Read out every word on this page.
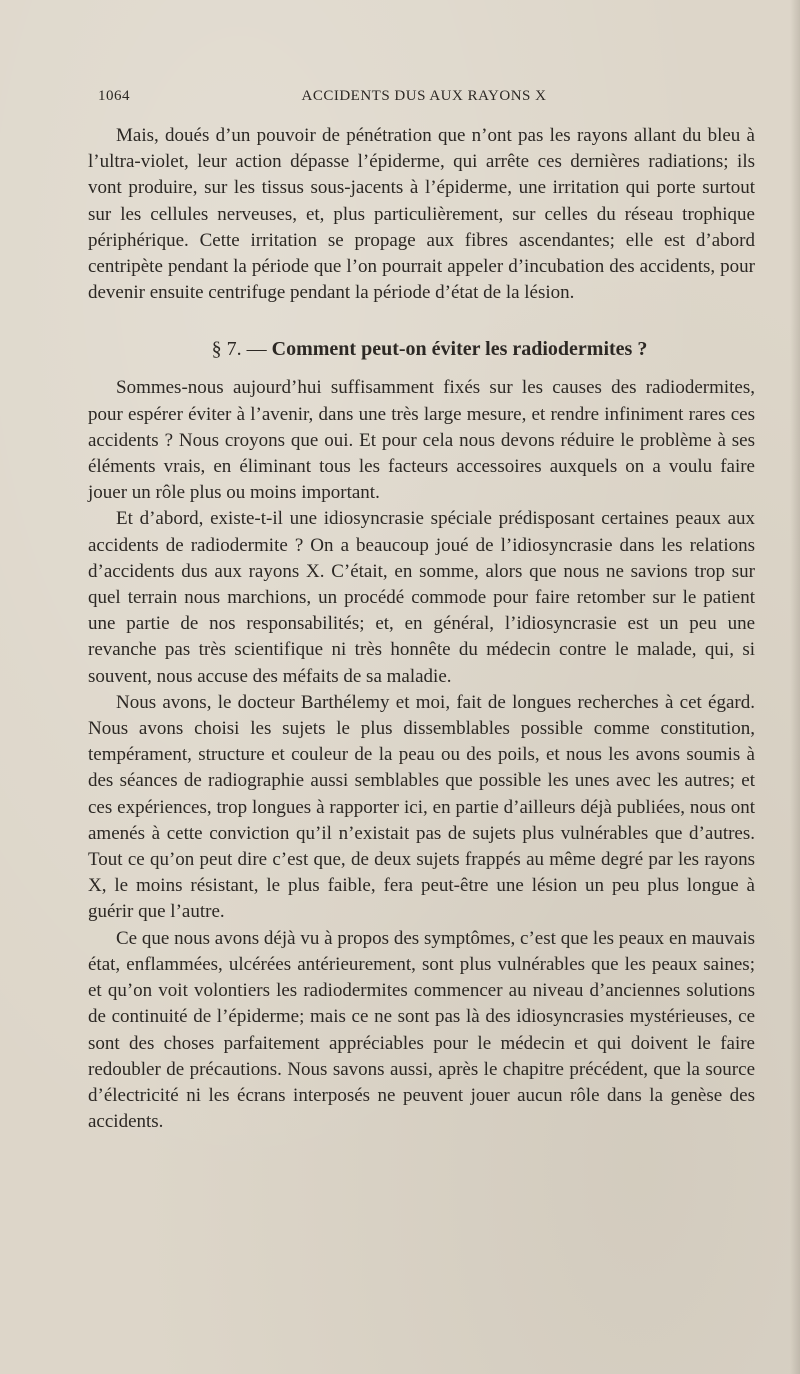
1064	ACCIDENTS DUS AUX RAYONS X

Mais, doués d’un pouvoir de pénétration que n’ont pas les rayons allant du bleu à l’ultra-violet, leur action dépasse l’épiderme, qui arrête ces dernières radiations; ils vont produire, sur les tissus sous-jacents à l’épiderme, une irritation qui porte surtout sur les cellules nerveuses, et, plus particulièrement, sur celles du réseau trophique périphérique. Cette irritation se propage aux fibres ascendantes; elle est d’abord centripète pendant la période que l’on pourrait appeler d’incubation des accidents, pour devenir ensuite centrifuge pendant la période d’état de la lésion.

§ 7. — Comment peut-on éviter les radiodermites ?

Sommes-nous aujourd’hui suffisamment fixés sur les causes des radiodermites, pour espérer éviter à l’avenir, dans une très large mesure, et rendre infiniment rares ces accidents ? Nous croyons que oui. Et pour cela nous devons réduire le problème à ses éléments vrais, en éliminant tous les facteurs accessoires auxquels on a voulu faire jouer un rôle plus ou moins important.

Et d’abord, existe-t-il une idiosyncrasie spéciale prédisposant certaines peaux aux accidents de radiodermite ? On a beaucoup joué de l’idiosyncrasie dans les relations d’accidents dus aux rayons X. C’était, en somme, alors que nous ne savions trop sur quel terrain nous marchions, un procédé commode pour faire retomber sur le patient une partie de nos responsabilités; et, en général, l’idiosyncrasie est un peu une revanche pas très scientifique ni très honnête du médecin contre le malade, qui, si souvent, nous accuse des méfaits de sa maladie.

Nous avons, le docteur Barthélemy et moi, fait de longues recherches à cet égard. Nous avons choisi les sujets le plus dissemblables possible comme constitution, tempérament, structure et couleur de la peau ou des poils, et nous les avons soumis à des séances de radiographie aussi semblables que possible les unes avec les autres; et ces expériences, trop longues à rapporter ici, en partie d’ailleurs déjà publiées, nous ont amenés à cette conviction qu’il n’existait pas de sujets plus vulnérables que d’autres. Tout ce qu’on peut dire c’est que, de deux sujets frappés au même degré par les rayons X, le moins résistant, le plus faible, fera peut-être une lésion un peu plus longue à guérir que l’autre.

Ce que nous avons déjà vu à propos des symptômes, c’est que les peaux en mauvais état, enflammées, ulcérées antérieurement, sont plus vulnérables que les peaux saines; et qu’on voit volontiers les radiodermites commencer au niveau d’anciennes solutions de continuité de l’épiderme; mais ce ne sont pas là des idiosyncrasies mystérieuses, ce sont des choses parfaitement appréciables pour le médecin et qui doivent le faire redoubler de précautions. Nous savons aussi, après le chapitre précédent, que la source d’électricité ni les écrans interposés ne peuvent jouer aucun rôle dans la genèse des accidents.
